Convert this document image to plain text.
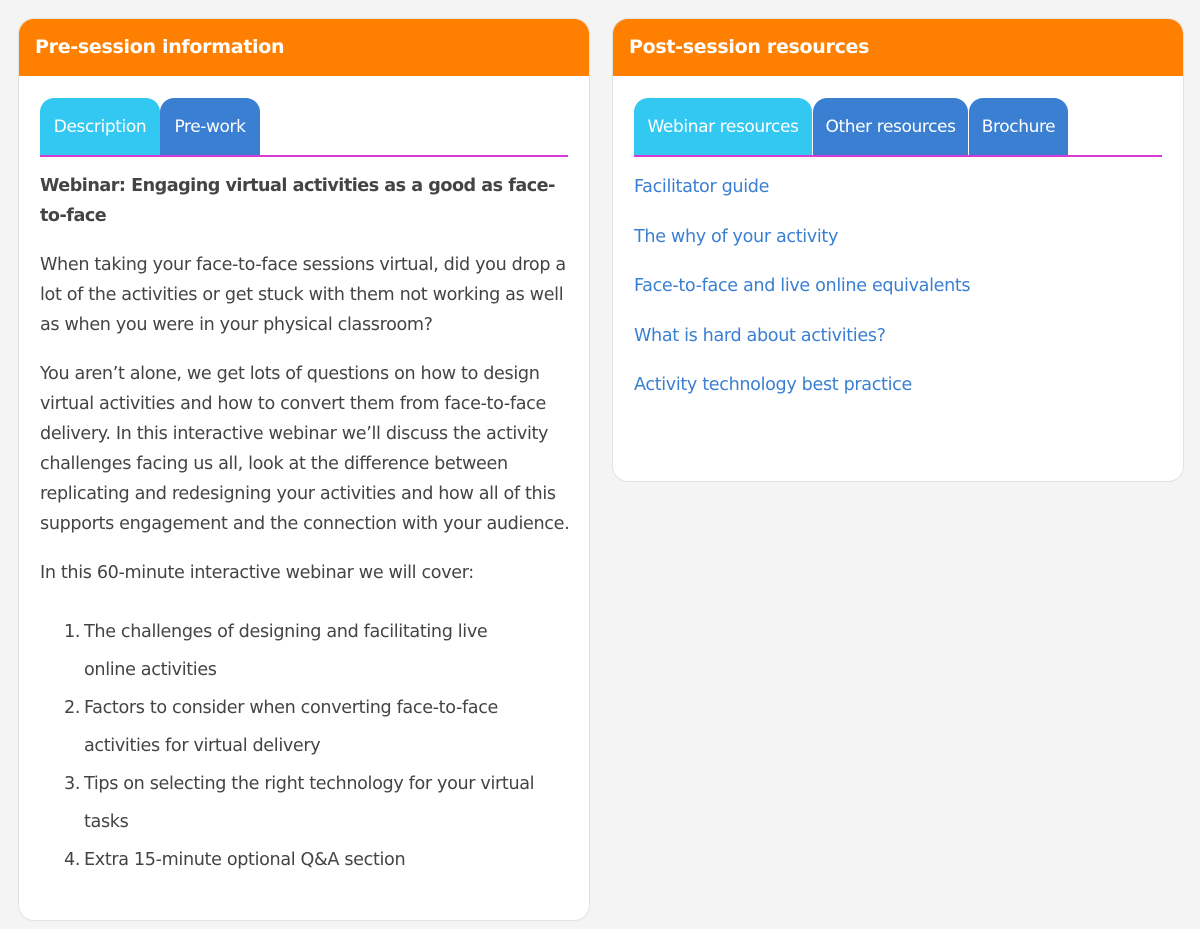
Pre-session information
Description	Pre-work
Webinar: Engaging virtual activities as a good as face-to-face

When taking your face-to-face sessions virtual, did you drop a lot of the activities or get stuck with them not working as well as when you were in your physical classroom?

You aren’t alone, we get lots of questions on how to design virtual activities and how to convert them from face-to-face delivery. In this interactive webinar we’ll discuss the activity challenges facing us all, look at the difference between replicating and redesigning your activities and how all of this supports engagement and the connection with your audience.

In this 60-minute interactive webinar we will cover:

1. The challenges of designing and facilitating live online activities
2. Factors to consider when converting face-to-face activities for virtual delivery
3. Tips on selecting the right technology for your virtual tasks
4. Extra 15-minute optional Q&A section
Post-session resources
Webinar resources	Other resources	Brochure
Facilitator guide
The why of your activity
Face-to-face and live online equivalents
What is hard about activities?
Activity technology best practice
